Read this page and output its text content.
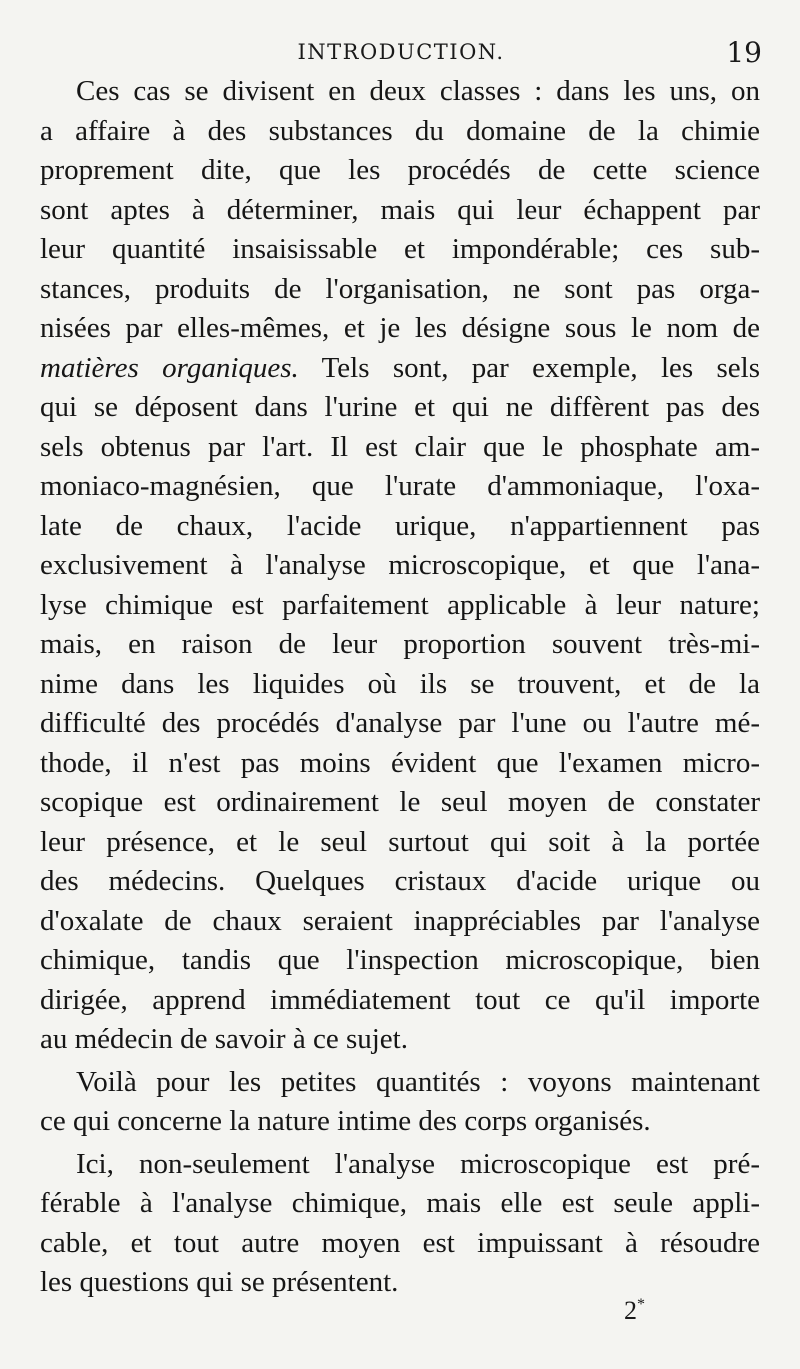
INTRODUCTION.	19

Ces cas se divisent en deux classes : dans les uns, on
a affaire à des substances du domaine de la chimie
proprement dite, que les procédés de cette science
sont aptes à déterminer, mais qui leur échappent par
leur quantité insaisissable et impondérable; ces sub-
stances, produits de l'organisation, ne sont pas orga-
nisées par elles-mêmes, et je les désigne sous le nom de
matières organiques. Tels sont, par exemple, les sels
qui se déposent dans l'urine et qui ne diffèrent pas des
sels obtenus par l'art. Il est clair que le phosphate am-
moniaco-magnésien, que l'urate d'ammoniaque, l'oxa-
late de chaux, l'acide urique, n'appartiennent pas
exclusivement à l'analyse microscopique, et que l'ana-
lyse chimique est parfaitement applicable à leur nature;
mais, en raison de leur proportion souvent très-mi-
nime dans les liquides où ils se trouvent, et de la
difficulté des procédés d'analyse par l'une ou l'autre mé-
thode, il n'est pas moins évident que l'examen micro-
scopique est ordinairement le seul moyen de constater
leur présence, et le seul surtout qui soit à la portée
des médecins. Quelques cristaux d'acide urique ou
d'oxalate de chaux seraient inappréciables par l'analyse
chimique, tandis que l'inspection microscopique, bien
dirigée, apprend immédiatement tout ce qu'il importe
au médecin de savoir à ce sujet.

Voilà pour les petites quantités : voyons maintenant
ce qui concerne la nature intime des corps organisés.

Ici, non-seulement l'analyse microscopique est pré-
férable à l'analyse chimique, mais elle est seule appli-
cable, et tout autre moyen est impuissant à résoudre
les questions qui se présentent.

2*
